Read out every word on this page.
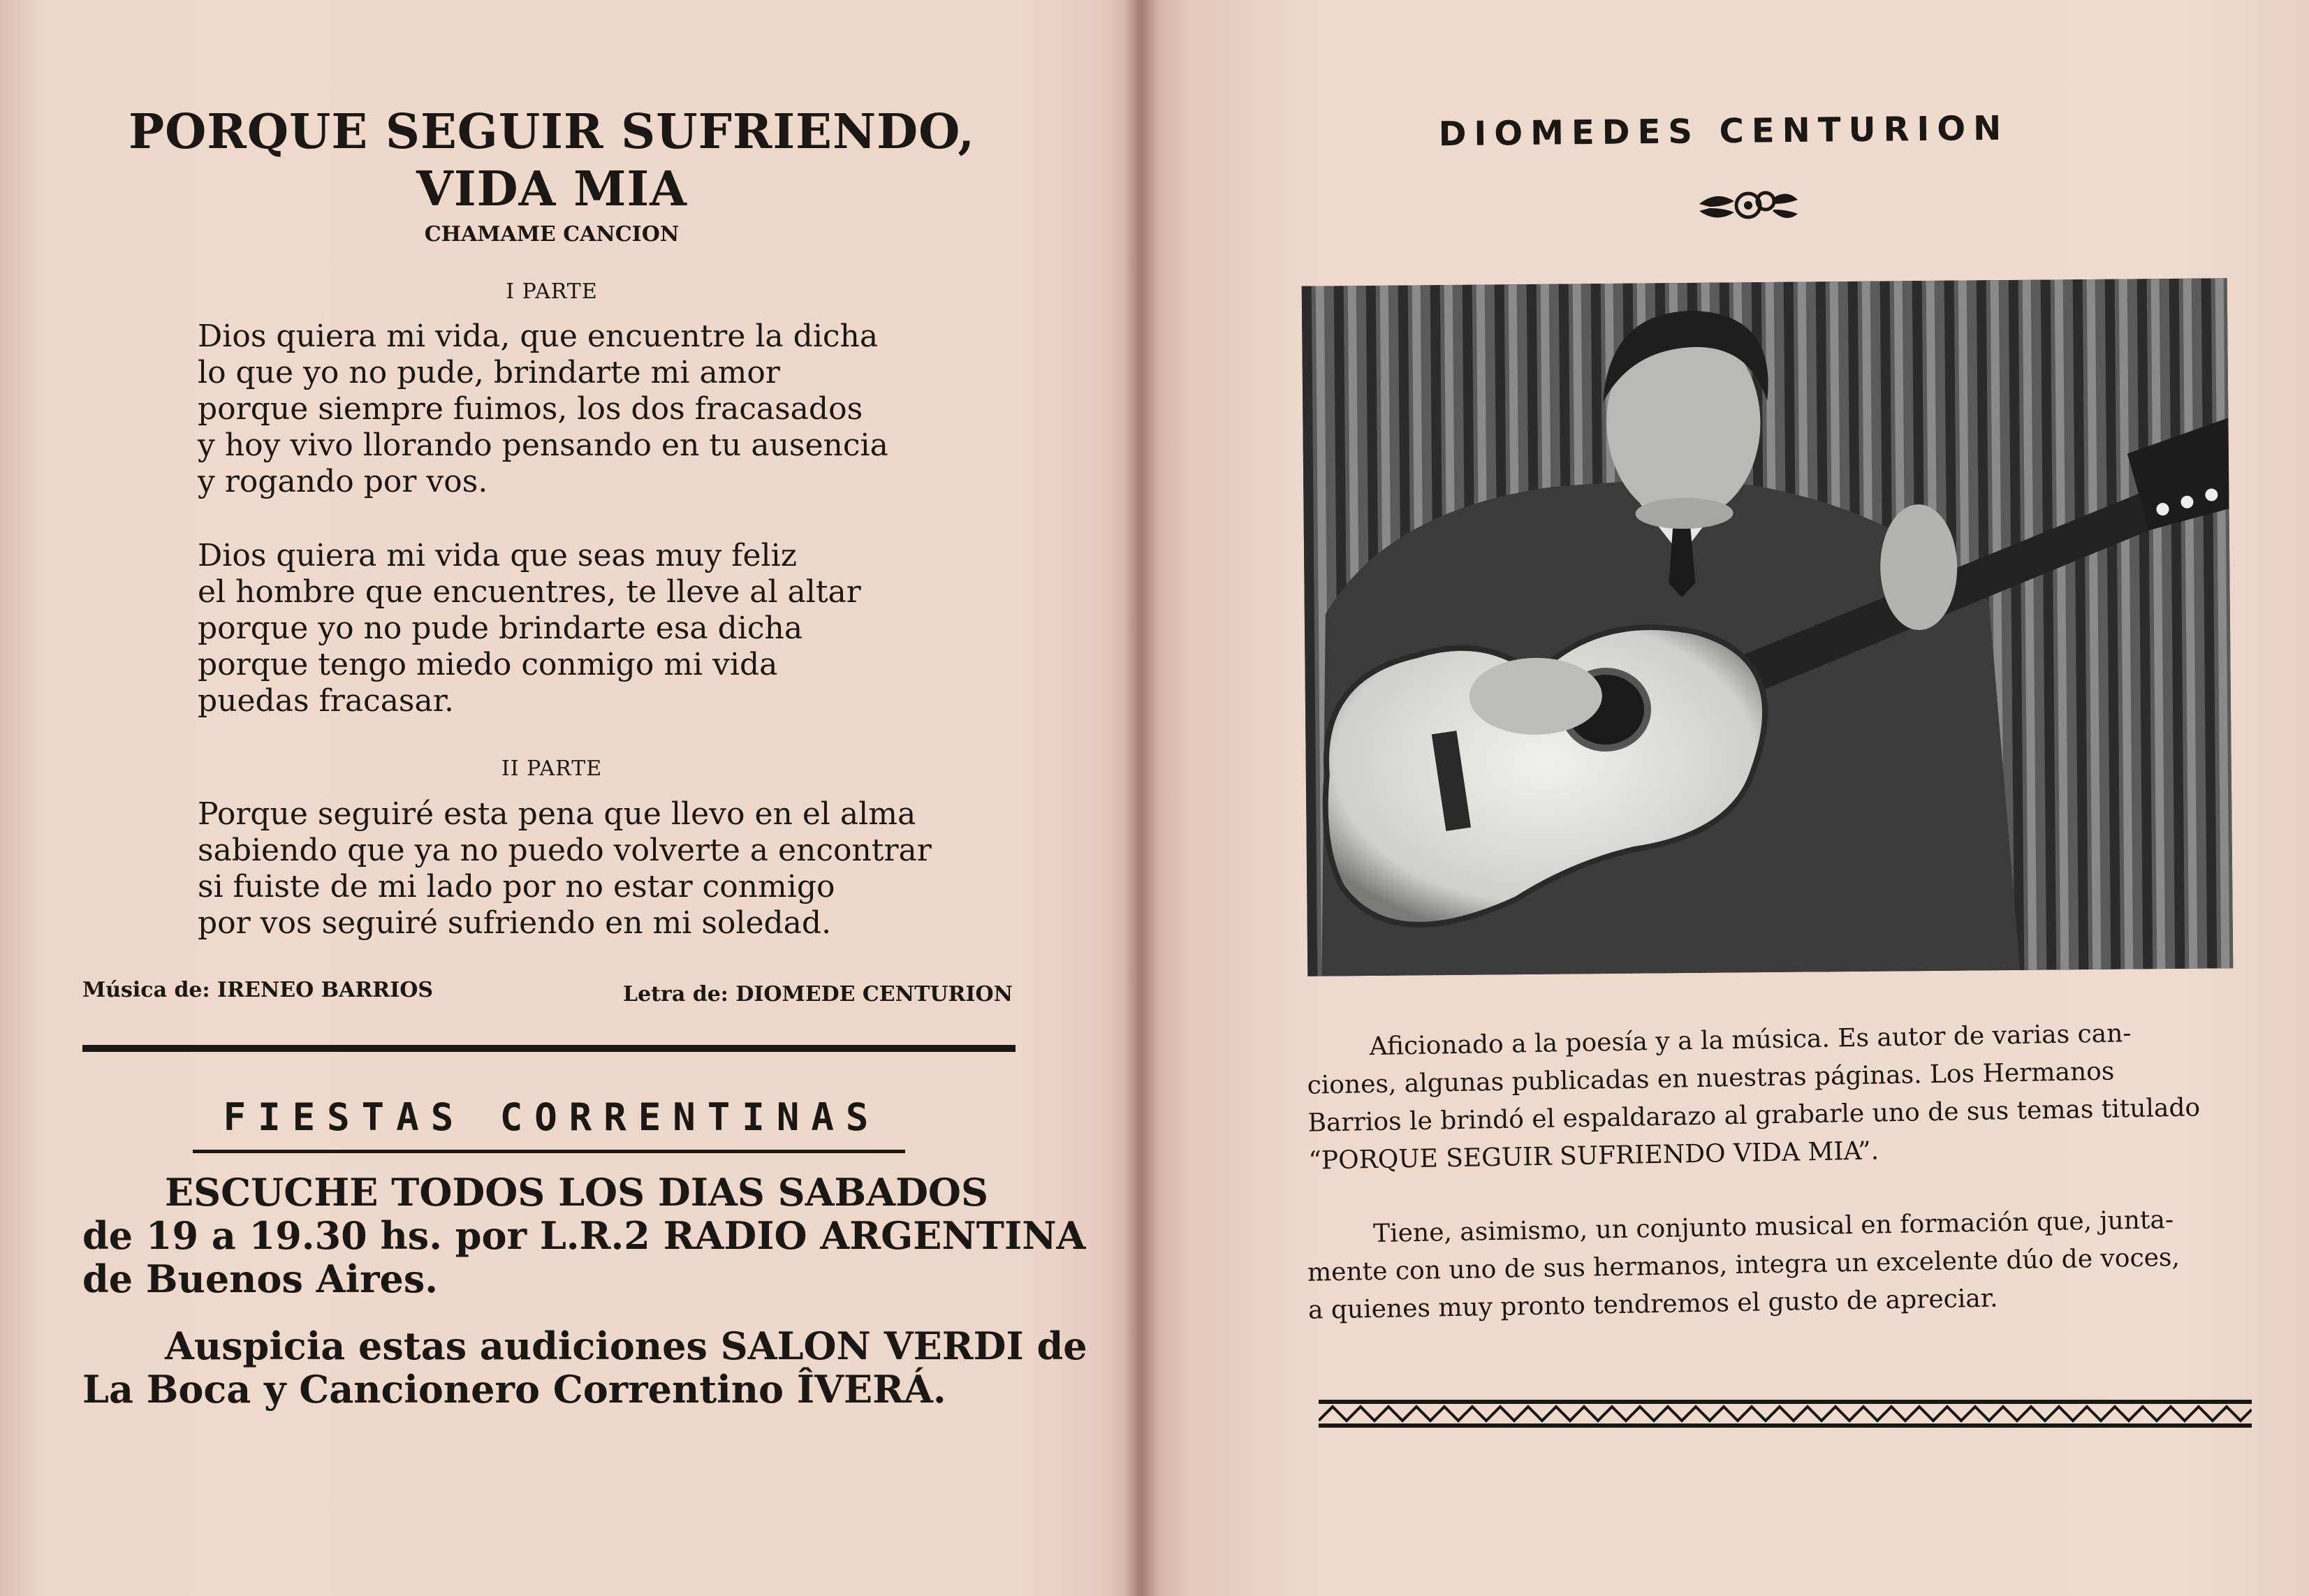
PORQUE SEGUIR SUFRIENDO,
VIDA MIA
CHAMAME CANCION
I PARTE
Dios quiera mi vida, que encuentre la dicha
lo que yo no pude, brindarte mi amor
porque siempre fuimos, los dos fracasados
y hoy vivo llorando pensando en tu ausencia
y rogando por vos.
Dios quiera mi vida que seas muy feliz
el hombre que encuentres, te lleve al altar
porque yo no pude brindarte esa dicha
porque tengo miedo conmigo mi vida
puedas fracasar.
II PARTE
Porque seguiré esta pena que llevo en el alma
sabiendo que ya no puedo volverte a encontrar
si fuiste de mi lado por no estar conmigo
por vos seguiré sufriendo en mi soledad.
Música de: IRENEO BARRIOS	Letra de: DIOMEDE CENTURION
FIESTAS CORRENTINAS
ESCUCHE TODOS LOS DIAS SABADOS
de 19 a 19.30 hs. por L.R.2 RADIO ARGENTINA
de Buenos Aires.
Auspicia estas audiciones SALON VERDI de
La Boca y Cancionero Correntino ÎVERÁ.
DIOMEDES CENTURION
Aficionado a la poesía y a la música. Es autor de varias can-
ciones, algunas publicadas en nuestras páginas. Los Hermanos
Barrios le brindó el espaldarazo al grabarle uno de sus temas titulado
“PORQUE SEGUIR SUFRIENDO VIDA MIA”.
Tiene, asimismo, un conjunto musical en formación que, junta-
mente con uno de sus hermanos, integra un excelente dúo de voces,
a quienes muy pronto tendremos el gusto de apreciar.
